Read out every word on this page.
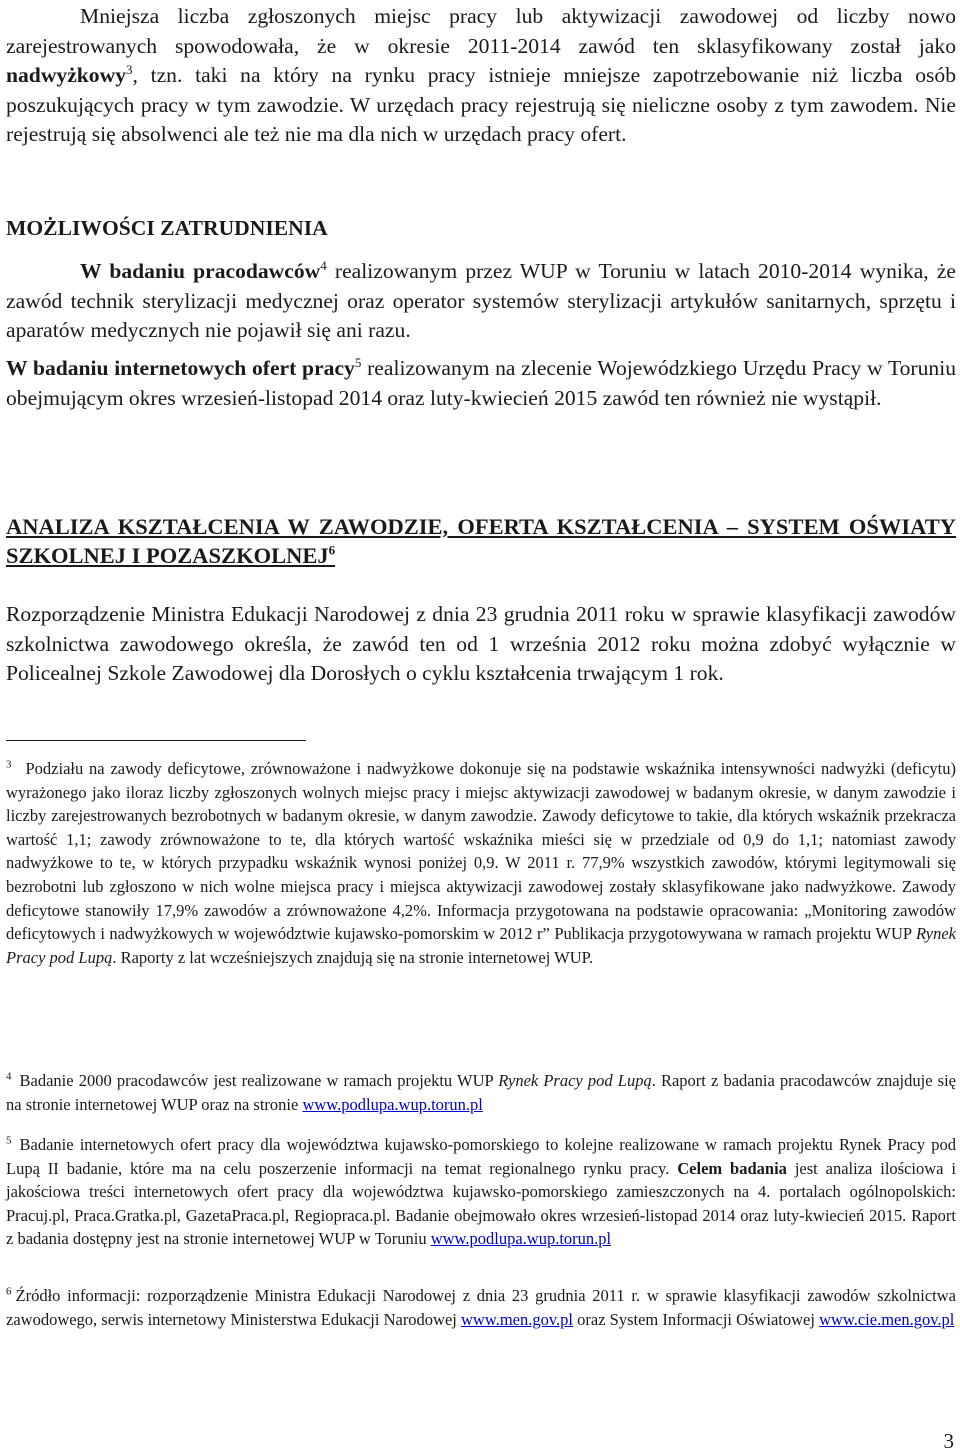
Mniejsza liczba zgłoszonych miejsc pracy lub aktywizacji zawodowej od liczby nowo zarejestrowanych spowodowała, że w okresie 2011-2014 zawód ten sklasyfikowany został jako nadwyżkowy$^3$, tzn. taki na który na rynku pracy istnieje mniejsze zapotrzebowanie niż liczba osób poszukujących pracy w tym zawodzie. W urzędach pracy rejestrują się nieliczne osoby z tym zawodem. Nie rejestrują się absolwenci ale też nie ma dla nich w urzędach pracy ofert.

MOŻLIWOŚCI ZATRUDNIENIA

W badaniu pracodawców$^4$ realizowanym przez WUP w Toruniu w latach 2010-2014 wynika, że zawód technik sterylizacji medycznej oraz operator systemów sterylizacji artykułów sanitarnych, sprzętu i aparatów medycznych nie pojawił się ani razu.

W badaniu internetowych ofert pracy$^5$ realizowanym na zlecenie Wojewódzkiego Urzędu Pracy w Toruniu obejmującym okres wrzesień-listopad 2014 oraz luty-kwiecień 2015 zawód ten również nie wystąpił.

ANALIZA KSZTAŁCENIA W ZAWODZIE, OFERTA KSZTAŁCENIA – SYSTEM OŚWIATY SZKOLNEJ I POZASZKOLNEJ$^6$

Rozporządzenie Ministra Edukacji Narodowej z dnia 23 grudnia 2011 roku w sprawie klasyfikacji zawodów szkolnictwa zawodowego określa, że zawód ten od 1 września 2012 roku można zdobyć wyłącznie w Policealnej Szkole Zawodowej dla Dorosłych o cyklu kształcenia trwającym 1 rok.

$^3$ Podziału na zawody deficytowe, zrównoważone i nadwyżkowe dokonuje się na podstawie wskaźnika intensywności nadwyżki (deficytu) wyrażonego jako iloraz liczby zgłoszonych wolnych miejsc pracy i miejsc aktywizacji zawodowej w badanym okresie, w danym zawodzie i liczby zarejestrowanych bezrobotnych w badanym okresie, w danym zawodzie. Zawody deficytowe to takie, dla których wskaźnik przekracza wartość 1,1; zawody zrównoważone to te, dla których wartość wskaźnika mieści się w przedziale od 0,9 do 1,1; natomiast zawody nadwyżkowe to te, w których przypadku wskaźnik wynosi poniżej 0,9. W 2011 r. 77,9% wszystkich zawodów, którymi legitymowali się bezrobotni lub zgłoszono w nich wolne miejsca pracy i miejsca aktywizacji zawodowej zostały sklasyfikowane jako nadwyżkowe. Zawody deficytowe stanowiły 17,9% zawodów a zrównoważone 4,2%. Informacja przygotowana na podstawie opracowania: „Monitoring zawodów deficytowych i nadwyżkowych w województwie kujawsko-pomorskim w 2012 r” Publikacja przygotowywana w ramach projektu WUP Rynek Pracy pod Lupą. Raporty z lat wcześniejszych znajdują się na stronie internetowej WUP.

$^4$ Badanie 2000 pracodawców jest realizowane w ramach projektu WUP Rynek Pracy pod Lupą. Raport z badania pracodawców znajduje się na stronie internetowej WUP oraz na stronie www.podlupa.wup.torun.pl

$^5$ Badanie internetowych ofert pracy dla województwa kujawsko-pomorskiego to kolejne realizowane w ramach projektu Rynek Pracy pod Lupą II badanie, które ma na celu poszerzenie informacji na temat regionalnego rynku pracy. Celem badania jest analiza ilościowa i jakościowa treści internetowych ofert pracy dla województwa kujawsko-pomorskiego zamieszczonych na 4. portalach ogólnopolskich: Pracuj.pl, Praca.Gratka.pl, GazetaPraca.pl, Regiopraca.pl. Badanie obejmowało okres wrzesień-listopad 2014 oraz luty-kwiecień 2015. Raport z badania dostępny jest na stronie internetowej WUP w Toruniu www.podlupa.wup.torun.pl

$^6$ Źródło informacji: rozporządzenie Ministra Edukacji Narodowej z dnia 23 grudnia 2011 r. w sprawie klasyfikacji zawodów szkolnictwa zawodowego, serwis internetowy Ministerstwa Edukacji Narodowej www.men.gov.pl oraz System Informacji Oświatowej www.cie.men.gov.pl

3
